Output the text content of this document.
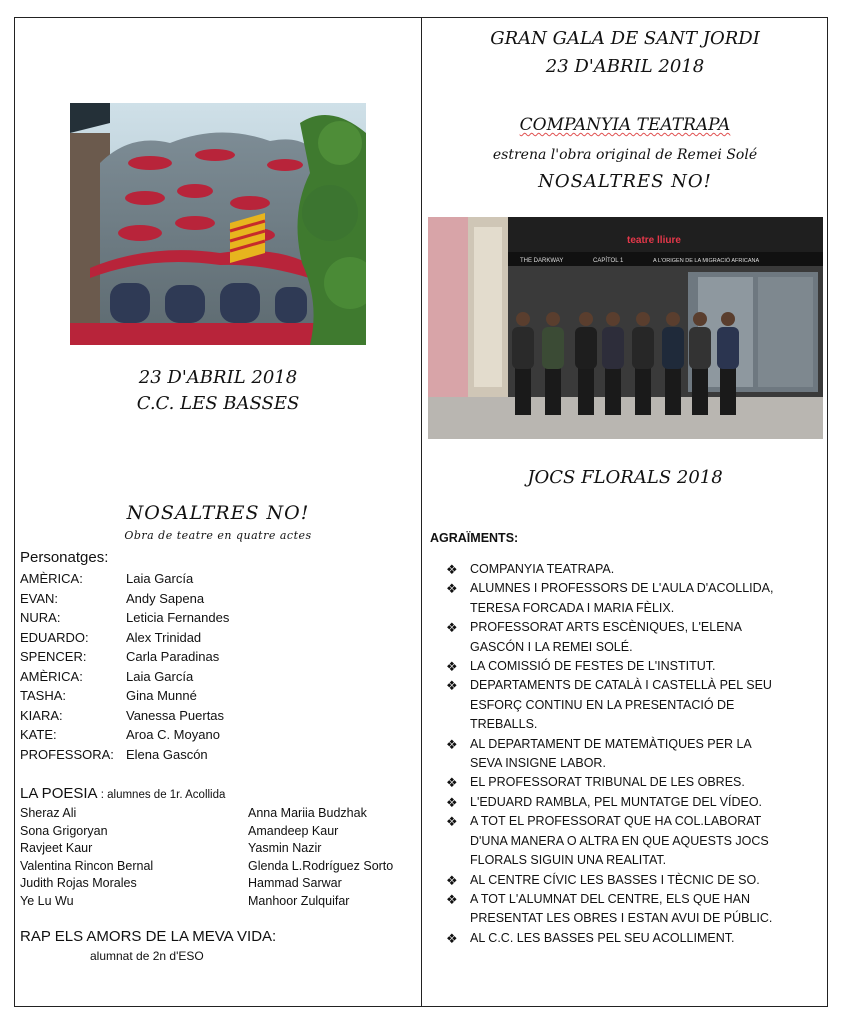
23 D'ABRIL 2018
C.C. LES BASSES
NOSALTRES NO!
Obra de teatre en quatre actes
Personatges:
AMÈRICA:	Laia García
EVAN:	Andy Sapena
NURA:	Leticia Fernandes
EDUARDO:	Alex Trinidad
SPENCER:	Carla Paradinas
AMÈRICA:	Laia García
TASHA:	Gina Munné
KIARA:	Vanessa Puertas
KATE:	Aroa C. Moyano
PROFESSORA: Elena Gascón
LA POESIA : alumnes de 1r. Acollida
Sheraz Ali
Sona Grigoryan
Ravjeet Kaur
Valentina Rincon Bernal
Judith Rojas Morales
Ye Lu Wu
Anna Mariia Budzhak
Amandeep Kaur
Yasmin Nazir
Glenda L.Rodríguez Sorto
Hammad Sarwar
Manhoor Zulquifar
RAP ELS AMORS DE LA MEVA VIDA:
alumnat de 2n d'ESO
GRAN GALA DE SANT JORDI
23 D'ABRIL 2018
COMPANYIA TEATRAPA
estrena l'obra original de Remei Solé
NOSALTRES NO!
teatre lliure
THE DARKWAY	CAPÍTOL 1	A L'ORIGEN DE LA MIGRACIÓ AFRICANA
JOCS FLORALS 2018
AGRAÏMENTS:
❖ COMPANYIA TEATRAPA.
❖ ALUMNES I PROFESSORS DE L'AULA D'ACOLLIDA,
TERESA FORCADA I MARIA FÈLIX.
❖ PROFESSORAT ARTS ESCÈNIQUES, L'ELENA
GASCÓN I LA REMEI SOLÉ.
❖ LA COMISSIÓ DE FESTES DE L'INSTITUT.
❖ DEPARTAMENTS DE CATALÀ I CASTELLÀ PEL SEU
ESFORÇ CONTINU EN LA PRESENTACIÓ DE
TREBALLS.
❖ AL DEPARTAMENT DE MATEMÀTIQUES PER LA
SEVA INSIGNE LABOR.
❖ EL PROFESSORAT TRIBUNAL DE LES OBRES.
❖ L'EDUARD RAMBLA, PEL MUNTATGE DEL VÍDEO.
❖ A TOT EL PROFESSORAT QUE HA COL.LABORAT
D'UNA MANERA O ALTRA EN QUE AQUESTS JOCS
FLORALS SIGUIN UNA REALITAT.
❖ AL CENTRE CÍVIC LES BASSES I TÈCNIC DE SO.
❖ A TOT L'ALUMNAT DEL CENTRE, ELS QUE HAN
PRESENTAT LES OBRES I ESTAN AVUI DE PÚBLIC.
❖ AL C.C. LES BASSES PEL SEU ACOLLIMENT.
